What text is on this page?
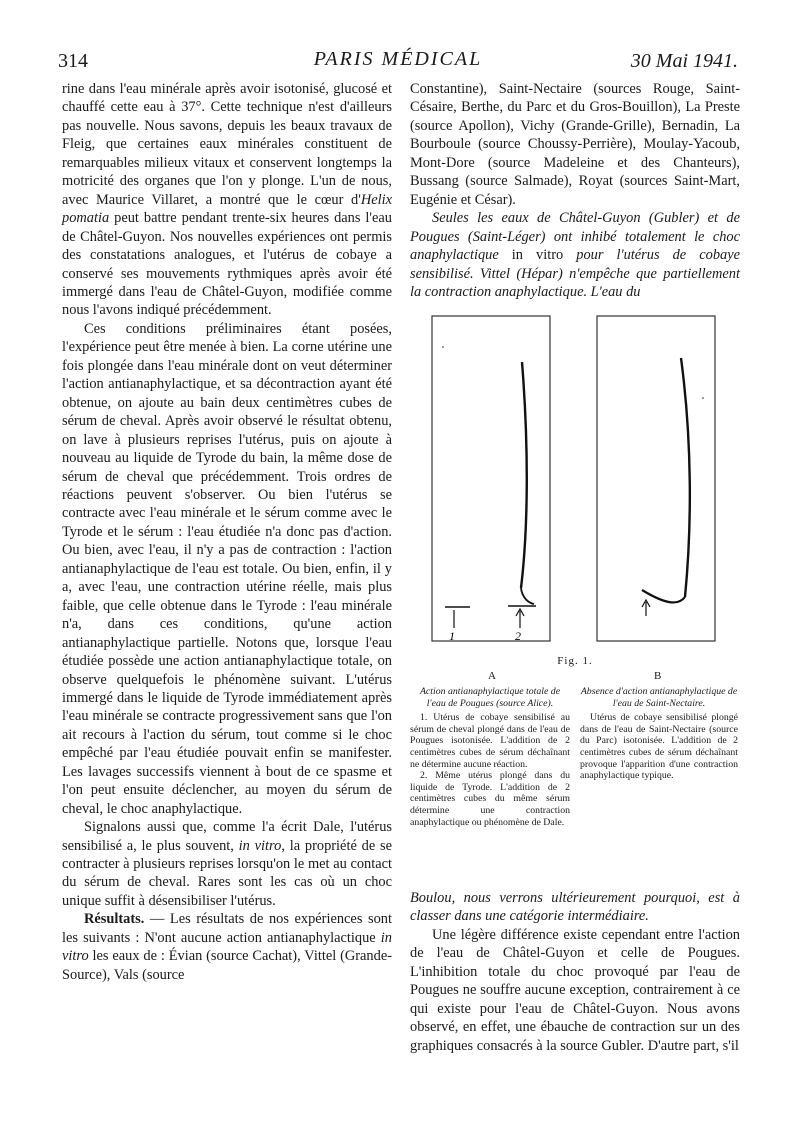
314	PARIS MÉDICAL	30 Mai 1941.

rine dans l'eau minérale après avoir isotonisé, glucosé et chauffé cette eau à 37°. Cette technique n'est d'ailleurs pas nouvelle. Nous savons, depuis les beaux travaux de Fleig, que certaines eaux minérales constituent de remarquables milieux vitaux et conservent longtemps la motricité des organes que l'on y plonge. L'un de nous, avec Maurice Villaret, a montré que le cœur d'Helix pomatia peut battre pendant trente-six heures dans l'eau de Châtel-Guyon. Nos nouvelles expériences ont permis des constatations analogues, et l'utérus de cobaye a conservé ses mouvements rythmiques après avoir été immergé dans l'eau de Châtel-Guyon, modifiée comme nous l'avons indiqué précédemment.

Ces conditions préliminaires étant posées, l'expérience peut être menée à bien. La corne utérine une fois plongée dans l'eau minérale dont on veut déterminer l'action antianaphylactique, et sa décontraction ayant été obtenue, on ajoute au bain deux centimètres cubes de sérum de cheval. Après avoir observé le résultat obtenu, on lave à plusieurs reprises l'utérus, puis on ajoute à nouveau au liquide de Tyrode du bain, la même dose de sérum de cheval que précédemment. Trois ordres de réactions peuvent s'observer. Ou bien l'utérus se contracte avec l'eau minérale et le sérum comme avec le Tyrode et le sérum : l'eau étudiée n'a donc pas d'action. Ou bien, avec l'eau, il n'y a pas de contraction : l'action antianaphylactique de l'eau est totale. Ou bien, enfin, il y a, avec l'eau, une contraction utérine réelle, mais plus faible, que celle obtenue dans le Tyrode : l'eau minérale n'a, dans ces conditions, qu'une action antianaphylactique partielle. Notons que, lorsque l'eau étudiée possède une action antianaphylactique totale, on observe quelquefois le phénomène suivant. L'utérus immergé dans le liquide de Tyrode immédiatement après l'eau minérale se contracte progressivement sans que l'on ait recours à l'action du sérum, tout comme si le choc empêché par l'eau étudiée pouvait enfin se manifester. Les lavages successifs viennent à bout de ce spasme et l'on peut ensuite déclencher, au moyen du sérum de cheval, le choc anaphylactique.

Signalons aussi que, comme l'a écrit Dale, l'utérus sensibilisé a, le plus souvent, in vitro, la propriété de se contracter à plusieurs reprises lorsqu'on le met au contact du sérum de cheval. Rares sont les cas où un choc unique suffit à désensibiliser l'utérus.

Résultats. — Les résultats de nos expériences sont les suivants : N'ont aucune action antianaphylactique in vitro les eaux de : Évian (source Cachat), Vittel (Grande-Source), Vals (source

Constantine), Saint-Nectaire (sources Rouge, Saint-Césaire, Berthe, du Parc et du Gros-Bouillon), La Preste (source Apollon), Vichy (Grande-Grille), Bernadin, La Bourboule (source Choussy-Perrière), Moulay-Yacoub, Mont-Dore (source Madeleine et des Chanteurs), Bussang (source Salmade), Royat (sources Saint-Mart, Eugénie et César).

Seules les eaux de Châtel-Guyon (Gubler) et de Pougues (Saint-Léger) ont inhibé totalement le choc anaphylactique in vitro pour l'utérus de cobaye sensibilisé. Vittel (Hépar) n'empêche que partiellement la contraction anaphylactique. L'eau du

1	2
Fig. 1.
A	B
Action antianaphylactique totale de l'eau de Pougues (source Alice).

1. Utérus de cobaye sensibilisé au sérum de cheval plongé dans de l'eau de Pougues isotonisée. L'addition de 2 centimètres cubes de sérum déchaînant ne détermine aucune réaction.

2. Même utérus plongé dans du liquide de Tyrode. L'addition de 2 centimètres cubes du même sérum détermine une contraction anaphylactique ou phénomène de Dale.

Absence d'action antianaphylactique de l'eau de Saint-Nectaire.

Utérus de cobaye sensibilisé plongé dans de l'eau de Saint-Nectaire (source du Parc) isotonisée. L'addition de 2 centimètres cubes de sérum déchaînant provoque l'apparition d'une contraction anaphylactique typique.

Boulou, nous verrons ultérieurement pourquoi, est à classer dans une catégorie intermédiaire.

Une légère différence existe cependant entre l'action de l'eau de Châtel-Guyon et celle de Pougues. L'inhibition totale du choc provoqué par l'eau de Pougues ne souffre aucune exception, contrairement à ce qui existe pour l'eau de Châtel-Guyon. Nous avons observé, en effet, une ébauche de contraction sur un des graphiques consacrés à la source Gubler. D'autre part, s'il
